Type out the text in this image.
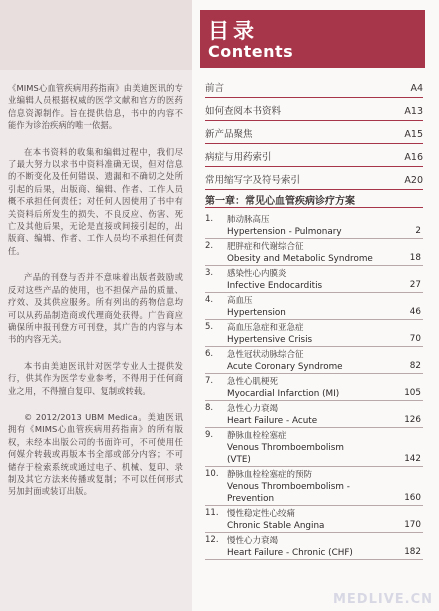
《MIMS心血管疾病用药指南》由美迪医讯的专业编辑人员根据权威的医学文献和官方的医药信息资源制作。旨在提供信息，书中的内容不能作为诊治疾病的唯一依据。

在本书资料的收集和编辑过程中，我们尽了最大努力以求书中资料准确无误，但对信息的不断变化及任何错误、遗漏和不确切之处所引起的后果，出版商、编辑、作者、工作人员概不承担任何责任；对任何人因使用了书中有关资料后所发生的损失、不良反应、伤害、死亡及其他后果，无论是直接或间接引起的，出版商、编辑、作者、工作人员均不承担任何责任。

产品的刊登与否并不意味着出版者鼓励或反对这些产品的使用，也不担保产品的质量、疗效、及其供应服务。所有列出的药物信息均可以从药品制造商或代理商处获得。广告商应确保所申报刊登方可刊登，其广告的内容与本书的内容无关。

本书由美迪医讯针对医学专业人士提供发行，供其作为医学专业参考，不得用于任何商业之用，不得擅自复印、复制或转载。

© 2012/2013 UBM Medica。美迪医讯拥有《MIMS心血管疾病用药指南》的所有版权，未经本出版公司的书面许可，不可使用任何媒介转载或再版本书全部或部分内容；不可储存于检索系统或通过电子、机械、复印、录制及其它方法来传播或复制；不可以任何形式另加封面或装订出版。

目录
Contents
前言	A4
如何查阅本书资料	A13
新产品聚焦	A15
病症与用药索引	A16
常用缩写字及符号索引	A20
第一章：常见心血管疾病诊疗方案
1.	肺动脉高压
Hypertension - Pulmonary	2
2.	肥胖症和代谢综合征
Obesity and Metabolic Syndrome	18
3.	感染性心内膜炎
Infective Endocarditis	27
4.	高血压
Hypertension	46
5.	高血压急症和亚急症
Hypertensive Crisis	70
6.	急性冠状动脉综合征
Acute Coronary Syndrome	82
7.	急性心肌梗死
Myocardial Infarction (MI)	105
8.	急性心力衰竭
Heart Failure - Acute	126
9.	静脉血栓栓塞症
Venous Thromboembolism
(VTE)	142
10. 静脉血栓栓塞症的预防
Venous Thromboembolism -
Prevention	160
11. 慢性稳定性心绞痛
Chronic Stable Angina	170
12. 慢性心力衰竭
Heart Failure - Chronic (CHF)	182
MEDLIVE.CN
